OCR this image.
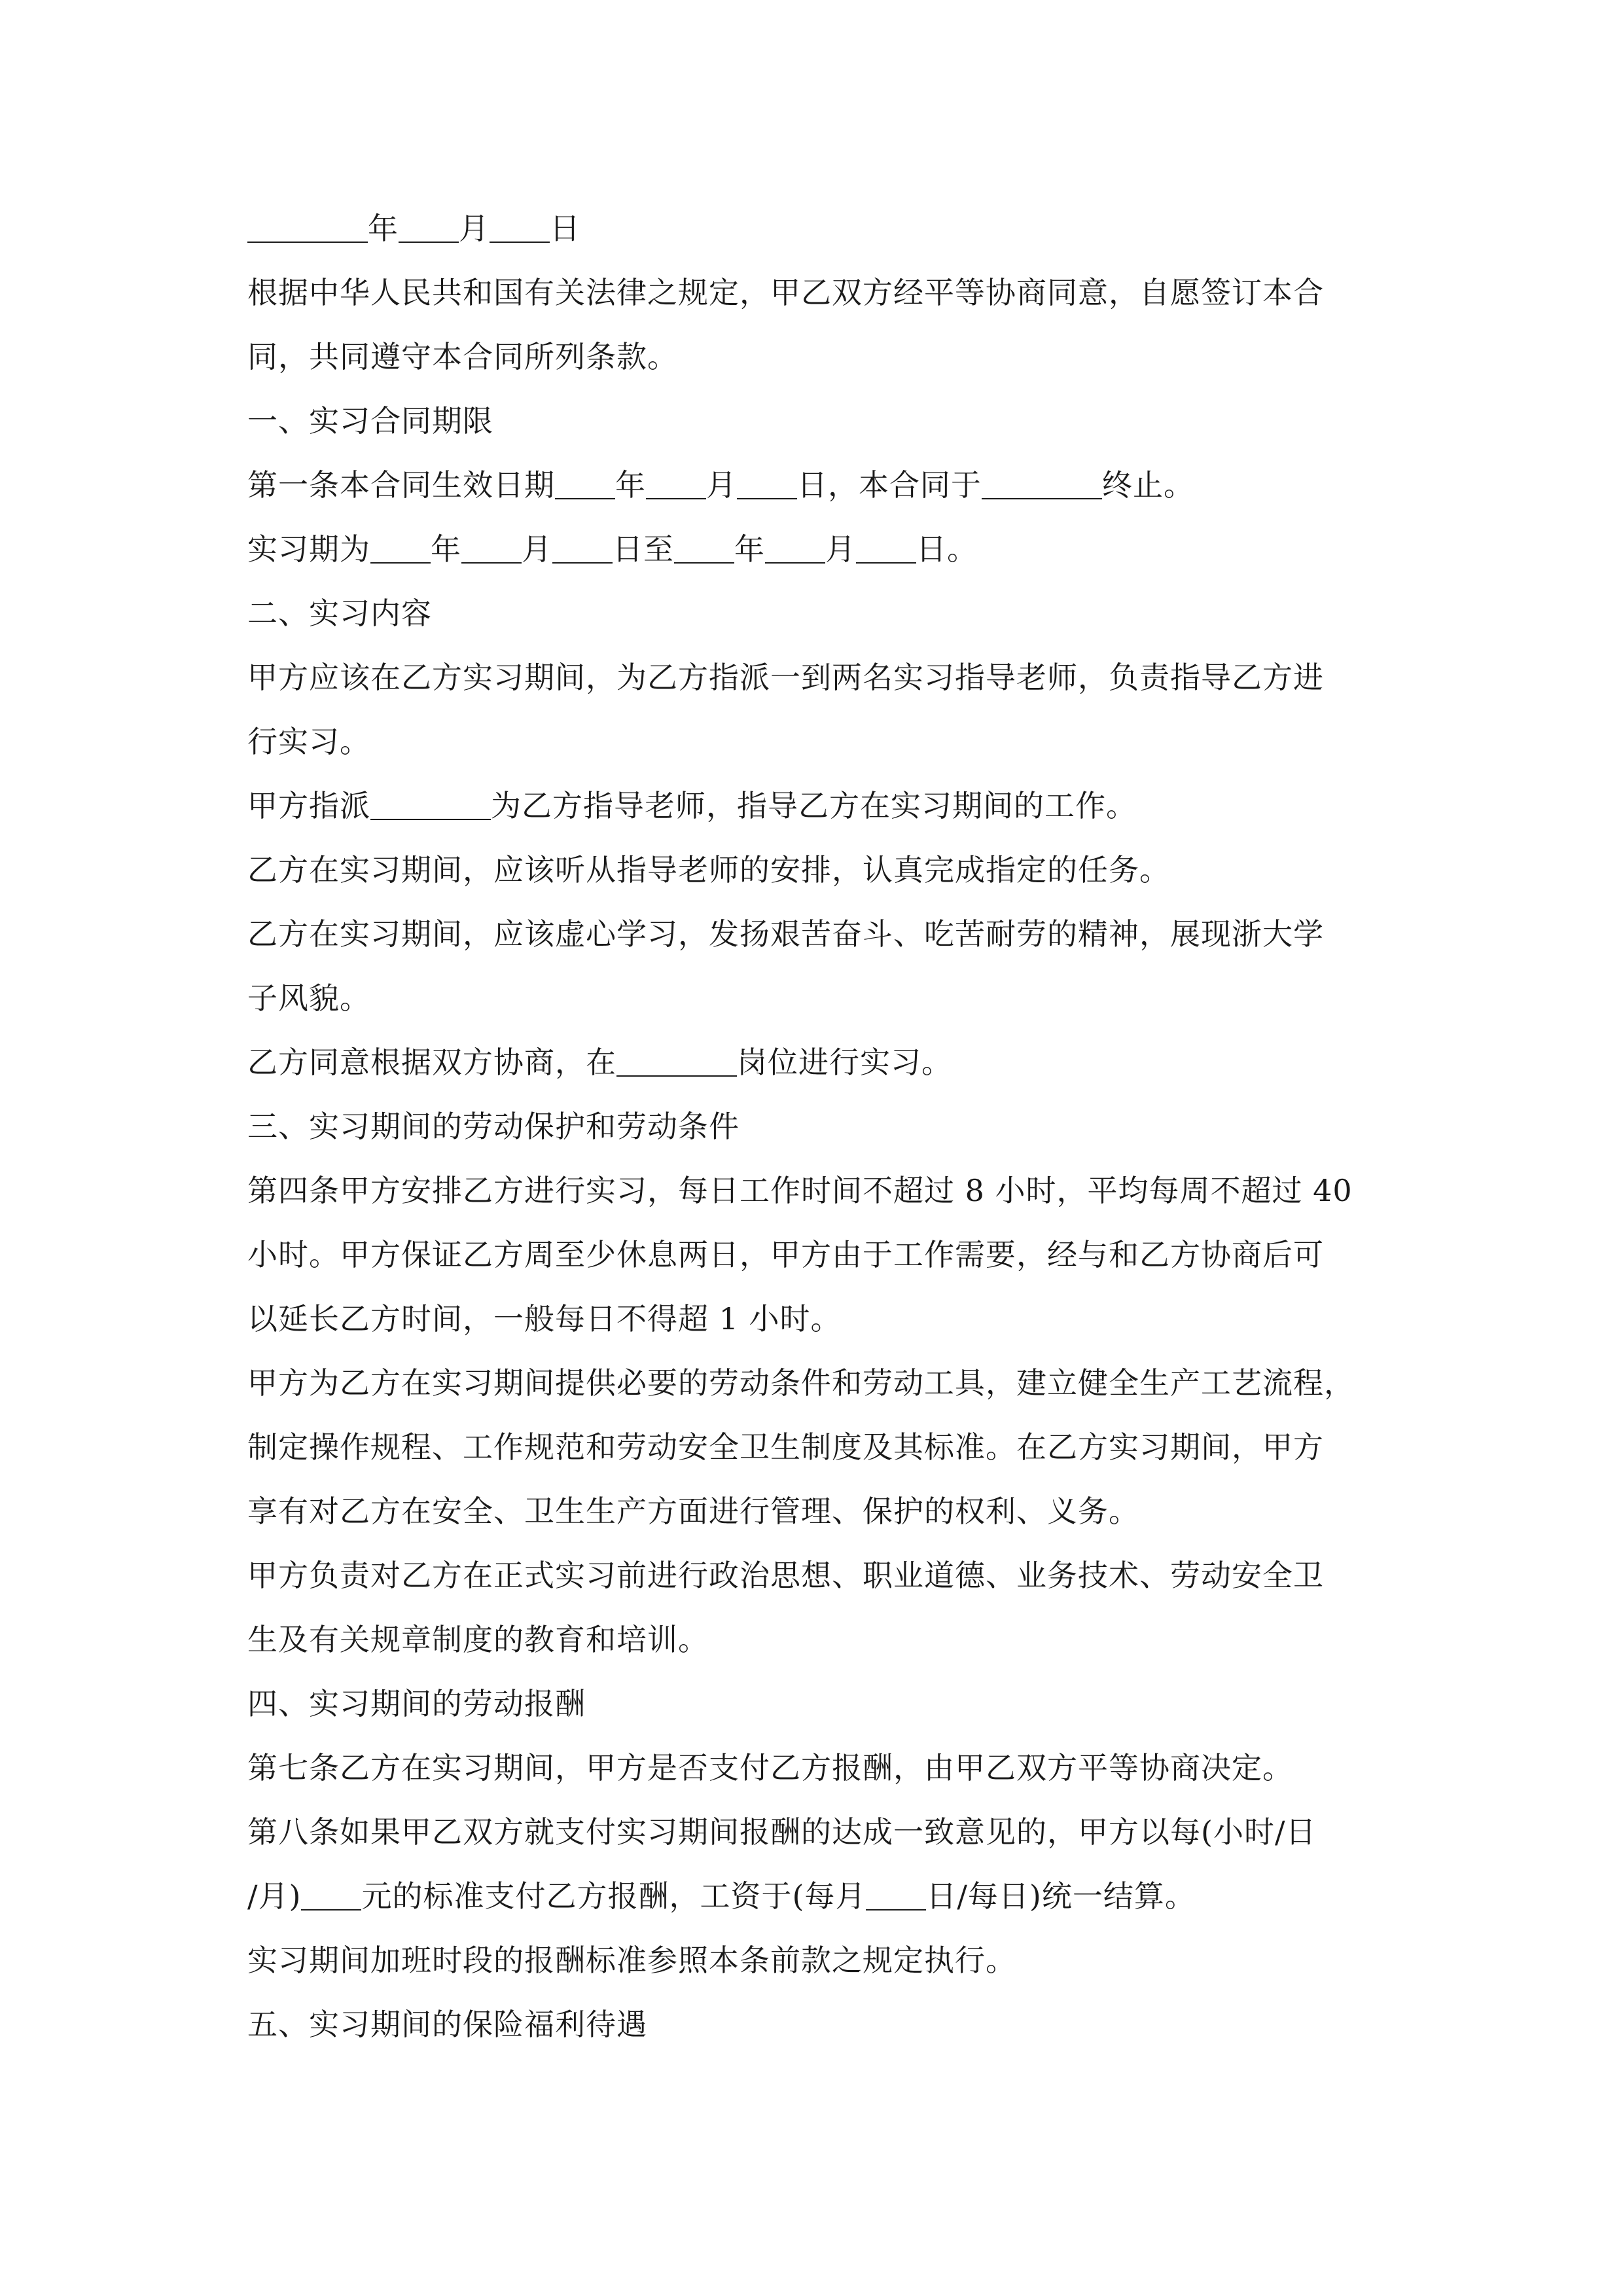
年 月 日
根据中华人民共和国有关法律之规定，甲乙双方经平等协商同意，自愿签订本合
同，共同遵守本合同所列条款。
一、实习合同期限
第一条本合同生效日期 年 月 日，本合同于	终止。
实习期为 年 月 日至 年 月 日。
二、实习内容
甲方应该在乙方实习期间，为乙方指派一到两名实习指导老师，负责指导乙方进
行实习。
甲方指派	为乙方指导老师，指导乙方在实习期间的工作。
乙方在实习期间，应该听从指导老师的安排，认真完成指定的任务。
乙方在实习期间，应该虚心学习，发扬艰苦奋斗、吃苦耐劳的精神，展现浙大学
子风貌。
乙方同意根据双方协商，在	岗位进行实习。
三、实习期间的劳动保护和劳动条件
第四条甲方安排乙方进行实习，每日工作时间不超过 8 小时，平均每周不超过 40
小时。甲方保证乙方周至少休息两日，甲方由于工作需要，经与和乙方协商后可
以延长乙方时间，一般每日不得超 1 小时。
甲方为乙方在实习期间提供必要的劳动条件和劳动工具，建立健全生产工艺流程，
制定操作规程、工作规范和劳动安全卫生制度及其标准。在乙方实习期间，甲方
享有对乙方在安全、卫生生产方面进行管理、保护的权利、义务。
甲方负责对乙方在正式实习前进行政治思想、职业道德、业务技术、劳动安全卫
生及有关规章制度的教育和培训。
四、实习期间的劳动报酬
第七条乙方在实习期间，甲方是否支付乙方报酬，由甲乙双方平等协商决定。
第八条如果甲乙双方就支付实习期间报酬的达成一致意见的，甲方以每(小时/日
/月) 元的标准支付乙方报酬，工资于(每月 日/每日)统一结算。
实习期间加班时段的报酬标准参照本条前款之规定执行。
五、实习期间的保险福利待遇
